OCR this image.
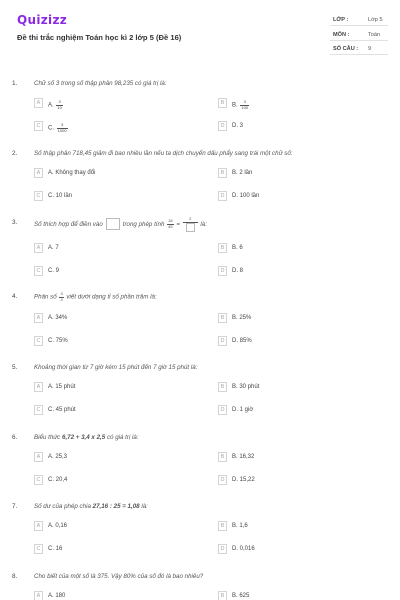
Quizizz
Đề thi trắc nghiệm Toán học kì 2 lớp 5 (Đề 16)
LỚP :	Lớp 5
MÔN :	Toán
SỐ CÂU : 9
1.	Chữ số 3 trong số thập phân 98,235 có giá trị là:
A	A. $\frac{3}{10}$	B	B. $\frac{3}{100}$
C	C. $\frac{3}{1000}$	D	D. 3
2.	Số thập phân 718,45 giảm đi bao nhiêu lần nếu ta dịch chuyển dấu phẩy sang trái một chữ số:
A	A. Không thay đổi	B	B. 2 lần
C	C. 10 lần	D	D. 100 lần
3.	Số thích hợp để điền vào	trong phép tính $\frac{18}{45}$ =
2
là:
A	A. 7	B	B. 6
C	C. 9	D	D. 8
4.	Phân số $\frac{3}{4}$ viết dưới dạng tỉ số phần trăm là:
A	A. 34%	B	B. 25%
C	C. 75%	D	D. 85%
5.	Khoảng thời gian từ 7 giờ kém 15 phút đến 7 giờ 15 phút là:
A	A. 15 phút	B	B. 30 phút
C	C. 45 phút	D	D. 1 giờ
6.	Biểu thức 6,72 + 3,4 x 2,5 có giá trị là:
A	A. 25,3	B	B. 16,32
C	C. 20,4	D	D. 15,22
7.	Số dư của phép chia 27,16 : 25 = 1,08 là:
A	A. 0,16	B	B. 1,6
C	C. 16	D	D. 0,016
8.	Cho biết của một số là 375. Vậy 80% của số đó là bao nhiêu?
A	A. 180	B	B. 625
